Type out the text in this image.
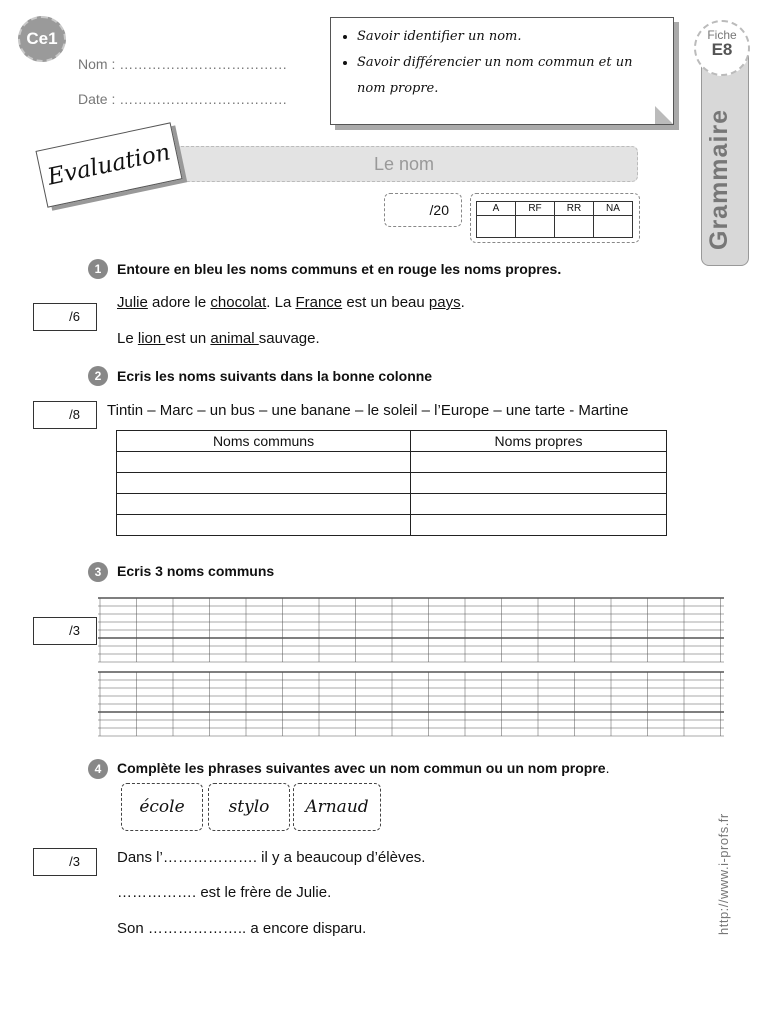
Ce1
Nom : ………………………………
Date : ………………………………
• Savoir identifier un nom.
• Savoir différencier un nom commun et un nom propre.
Fiche
E8
Grammaire
Le nom
Evaluation
/20	A	RF	RR	NA

1	Entoure en bleu les noms communs et en rouge les noms propres.
/6
Julie adore le chocolat. La France est un beau pays.
Le lion est un animal sauvage.
2	Ecris les noms suivants dans la bonne colonne
/8	Tintin – Marc – un bus – une banane – le soleil – l’Europe – une tarte - Martine
Noms communs	Noms propres

3	Ecris 3 noms communs
/3
4	Complète les phrases suivantes avec un nom commun ou un nom propre.
école	stylo	Arnaud
/3	Dans l’………………. il y a beaucoup d’élèves.
……………. est le frère de Julie.
Son ……………….. a encore disparu.	http://www.i-profs.fr
